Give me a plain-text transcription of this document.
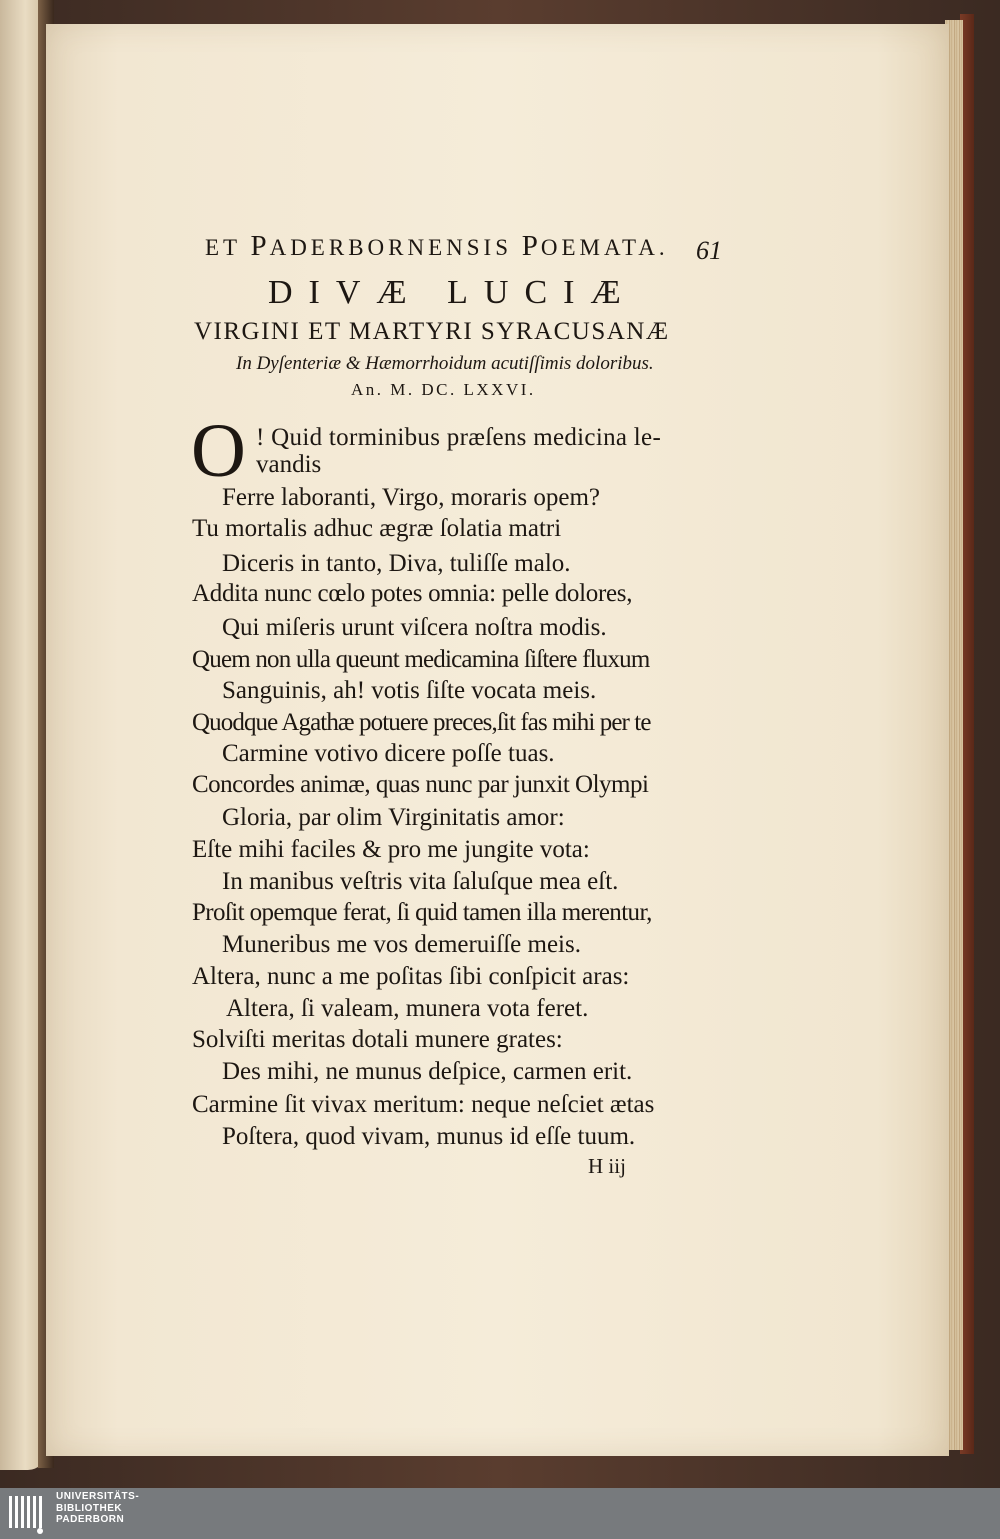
ET PADERBORNENSIS POEMATA. 61
DIVÆ LUCIÆ
VIRGINI ET MARTYRI SYRACUSANÆ
In Dyſenteriæ & Hæmorrhoidum acutiſſimis doloribus.
An. M. DC. LXXVI.
O ! Quid torminibus præſens medicina le-
vandis
Ferre laboranti, Virgo, moraris opem?
Tu mortalis adhuc ægræ ſolatia matri
Diceris in tanto, Diva, tuliſſe malo.
Addita nunc cœlo potes omnia: pelle dolores,
Qui miſeris urunt viſcera noſtra modis.
Quem non ulla queunt medicamina ſiſtere fluxum
Sanguinis, ah! votis ſiſte vocata meis.
Quodque Agathæ potuere preces,ſit fas mihi per te
Carmine votivo dicere poſſe tuas.
Concordes animæ, quas nunc par junxit Olympi
Gloria, par olim Virginitatis amor:
Eſte mihi faciles & pro me jungite vota:
In manibus veſtris vita ſaluſque mea eſt.
Proſit opemque ferat, ſi quid tamen illa merentur,
Muneribus me vos demeruiſſe meis.
Altera, nunc a me poſitas ſibi conſpicit aras:
Altera, ſi valeam, munera vota feret.
Solviſti meritas dotali munere grates:
Des mihi, ne munus deſpice, carmen erit.
Carmine ſit vivax meritum: neque neſciet ætas
Poſtera, quod vivam, munus id eſſe tuum.
H iij
UNIVERSITÄTS-
BIBLIOTHEK
PADERBORN
